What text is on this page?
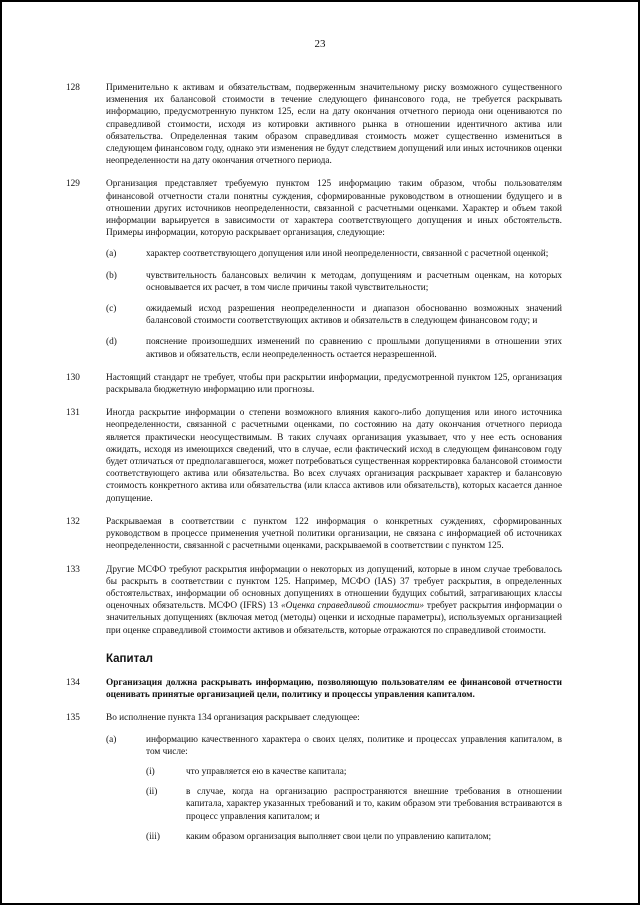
23
128	Применительно к активам и обязательствам, подверженным значительному риску возможного существенного изменения их балансовой стоимости в течение следующего финансового года, не требуется раскрывать информацию, предусмотренную пунктом 125, если на дату окончания отчетного периода они оцениваются по справедливой стоимости, исходя из котировки активного рынка в отношении идентичного актива или обязательства. Определенная таким образом справедливая стоимость может существенно измениться в следующем финансовом году, однако эти изменения не будут следствием допущений или иных источников оценки неопределенности на дату окончания отчетного периода.

129	Организация представляет требуемую пунктом 125 информацию таким образом, чтобы пользователям финансовой отчетности стали понятны суждения, сформированные руководством в отношении будущего и в отношении других источников неопределенности, связанной с расчетными оценками. Характер и объем такой информации варьируется в зависимости от характера соответствующего допущения и иных обстоятельств. Примеры информации, которую раскрывает организация, следующие:

(a)	характер соответствующего допущения или иной неопределенности, связанной с расчетной оценкой;
(b)	чувствительность балансовых величин к методам, допущениям и расчетным оценкам, на которых основывается их расчет, в том числе причины такой чувствительности;
(c)	ожидаемый исход разрешения неопределенности и диапазон обоснованно возможных значений балансовой стоимости соответствующих активов и обязательств в следующем финансовом году; и
(d)	пояснение произошедших изменений по сравнению с прошлыми допущениями в отношении этих активов и обязательств, если неопределенность остается неразрешенной.
130	Настоящий стандарт не требует, чтобы при раскрытии информации, предусмотренной пунктом 125, организация раскрывала бюджетную информацию или прогнозы.

131	Иногда раскрытие информации о степени возможного влияния какого-либо допущения или иного источника неопределенности, связанной с расчетными оценками, по состоянию на дату окончания отчетного периода является практически неосуществимым. В таких случаях организация указывает, что у нее есть основания ожидать, исходя из имеющихся сведений, что в случае, если фактический исход в следующем финансовом году будет отличаться от предполагавшегося, может потребоваться существенная корректировка балансовой стоимости соответствующего актива или обязательства. Во всех случаях организация раскрывает характер и балансовую стоимость конкретного актива или обязательства (или класса активов или обязательств), которых касается данное допущение.

132	Раскрываемая в соответствии с пунктом 122 информация о конкретных суждениях, сформированных руководством в процессе применения учетной политики организации, не связана с информацией об источниках неопределенности, связанной с расчетными оценками, раскрываемой в соответствии с пунктом 125.

133	Другие МСФО требуют раскрытия информации о некоторых из допущений, которые в ином случае требовалось бы раскрыть в соответствии с пунктом 125. Например, МСФО (IAS) 37 требует раскрытия, в определенных обстоятельствах, информации об основных допущениях в отношении будущих событий, затрагивающих классы оценочных обязательств. МСФО (IFRS) 13 «Оценка справедливой стоимости» требует раскрытия информации о значительных допущениях (включая метод (методы) оценки и исходные параметры), используемых организацией при оценке справедливой стоимости активов и обязательств, которые отражаются по справедливой стоимости.

Капитал
134	Организация должна раскрывать информацию, позволяющую пользователям ее финансовой отчетности оценивать принятые организацией цели, политику и процессы управления капиталом.

135	Во исполнение пункта 134 организация раскрывает следующее:

(a)	информацию качественного характера о своих целях, политике и процессах управления капиталом, в том числе:
(i)	что управляется ею в качестве капитала;
(ii)	в случае, когда на организацию распространяются внешние требования в отношении капитала, характер указанных требований и то, каким образом эти требования встраиваются в процесс управления капиталом; и
(iii)	каким образом организация выполняет свои цели по управлению капиталом;
